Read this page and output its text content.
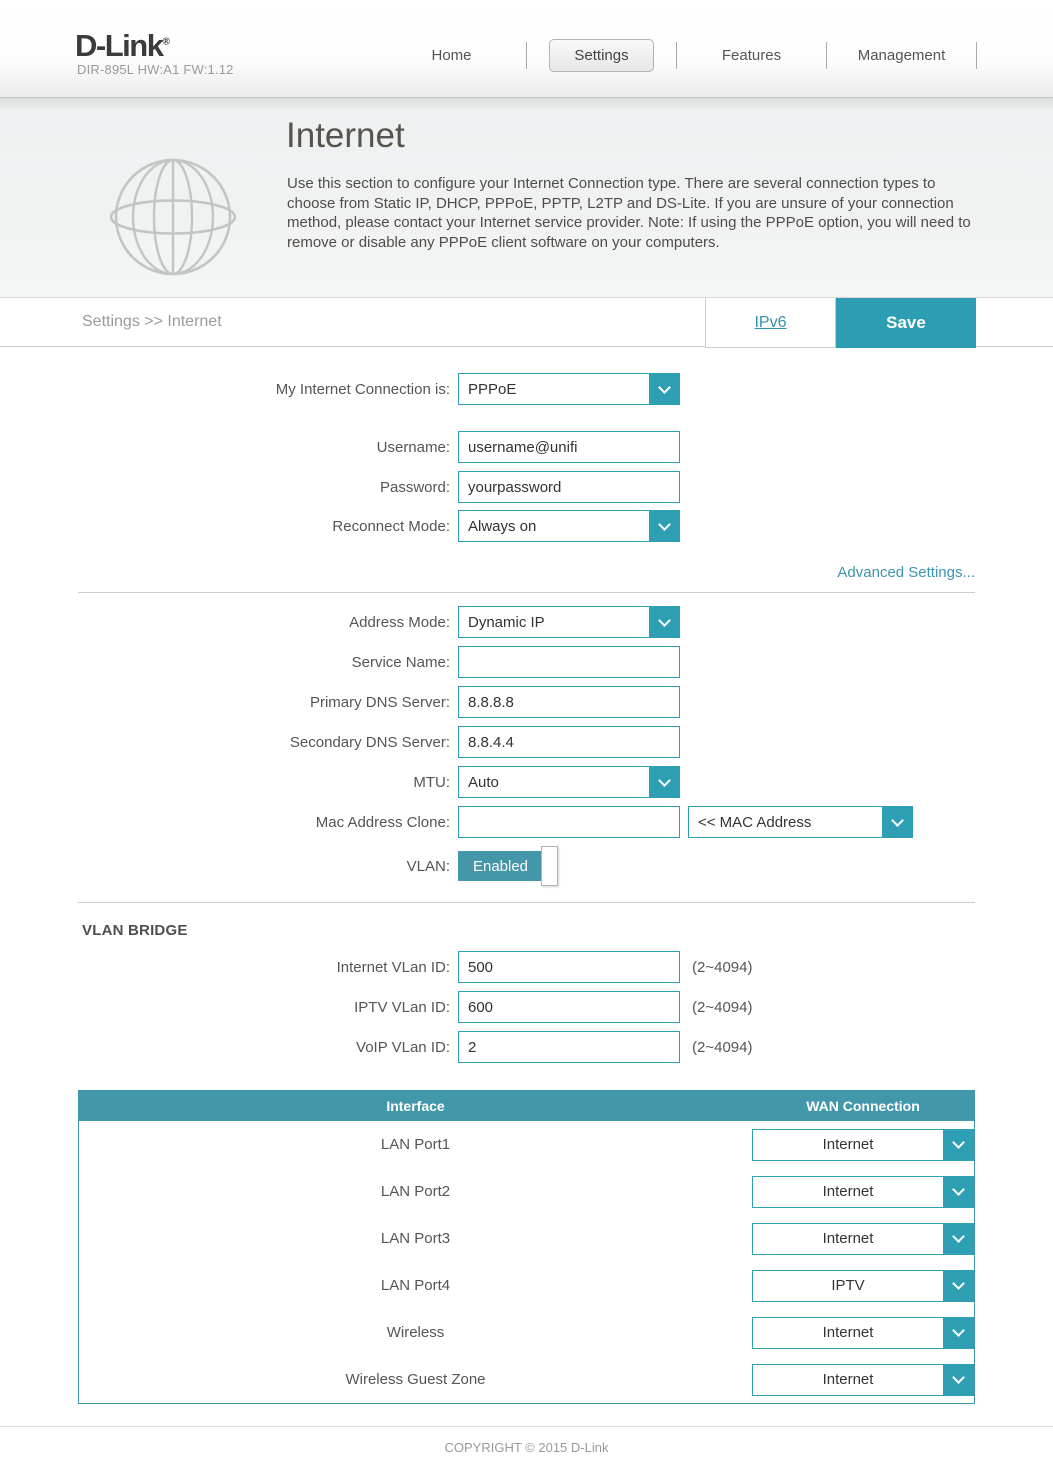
D-Link®
DIR-895L HW:A1 FW:1.12
Home	Settings	Features	Management
Internet
Use this section to configure your Internet Connection type. There are several connection types to choose from Static IP, DHCP, PPPoE, PPTP, L2TP and DS-Lite. If you are unsure of your connection method, please contact your Internet service provider. Note: If using the PPPoE option, you will need to remove or disable any PPPoE client software on your computers.
Settings >> Internet	IPv6	Save
My Internet Connection is:	PPPoE
Username:
username@unifi
Password:
yourpassword
Reconnect Mode:	Always on
Advanced Settings...
Address Mode:	Dynamic IP
Service Name:
Primary DNS Server:
8.8.8.8
Secondary DNS Server:
8.8.4.4
MTU:	Auto
Mac Address Clone:	<< MAC Address
VLAN:	Enabled
VLAN BRIDGE
Internet VLan ID:
500	(2~4094)
IPTV VLan ID:
600	(2~4094)
VoIP VLan ID:
2	(2~4094)
Interface	WAN Connection
LAN Port1	Internet
LAN Port2	Internet
LAN Port3	Internet
LAN Port4	IPTV
Wireless	Internet
Wireless Guest Zone	Internet
COPYRIGHT © 2015 D-Link
